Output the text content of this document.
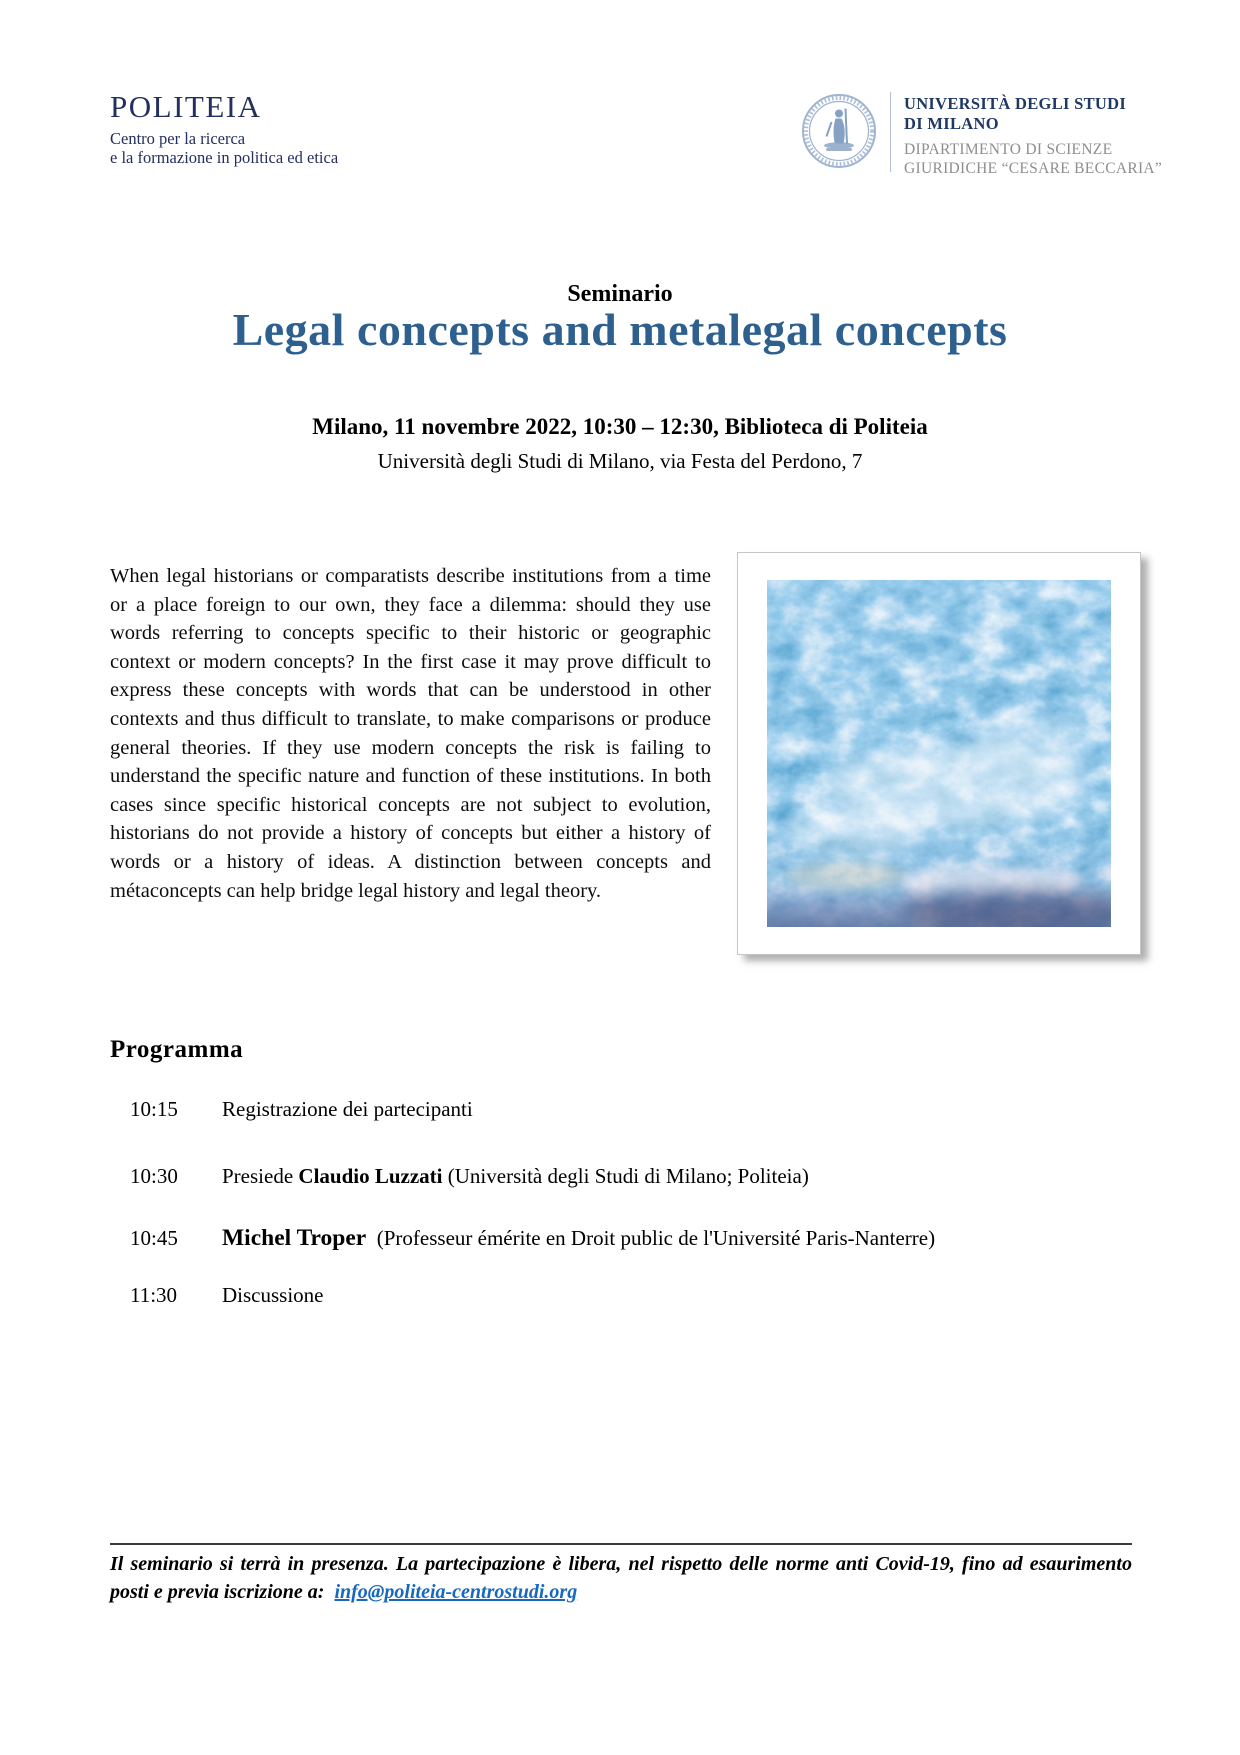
POLITEIA
Centro per la ricerca
e la formazione in politica ed etica
UNIVERSITÀ DEGLI STUDI
DI MILANO
DIPARTIMENTO DI SCIENZE
GIURIDICHE “CESARE BECCARIA”
Seminario
Legal concepts and metalegal concepts
Milano, 11 novembre 2022, 10:30 – 12:30, Biblioteca di Politeia
Università degli Studi di Milano, via Festa del Perdono, 7
When legal historians or comparatists describe institutions from a time or a place foreign to our own, they face a dilemma: should they use words referring to concepts specific to their historic or geographic context or modern concepts? In the first case it may prove difficult to express these concepts with words that can be understood in other contexts and thus difficult to translate, to make comparisons or produce general theories. If they use modern concepts the risk is failing to understand the specific nature and function of these institutions. In both cases since specific historical concepts are not subject to evolution, historians do not provide a history of concepts but either a history of words or a history of ideas. A distinction between concepts and métaconcepts can help bridge legal history and legal theory.
Programma
10:15	Registrazione dei partecipanti
10:30	Presiede Claudio Luzzati (Università degli Studi di Milano; Politeia)
10:45	Michel Troper  (Professeur émérite en Droit public de l'Université Paris-Nanterre)
11:30	Discussione
Il seminario si terrà in presenza. La partecipazione è libera, nel rispetto delle norme anti Covid-19, fino ad esaurimento posti e previa iscrizione a: info@politeia-centrostudi.org
